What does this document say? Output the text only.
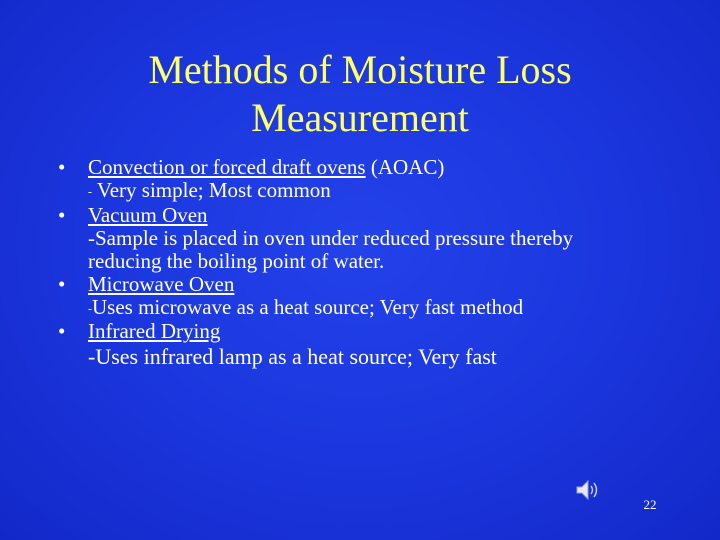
Methods of Moisture Loss
Measurement
•	Convection or forced draft ovens (AOAC)
- Very simple; Most common
•	Vacuum Oven
-Sample is placed in oven under reduced pressure thereby
reducing the boiling point of water.
•	Microwave Oven
-Uses microwave as a heat source; Very fast method
•	Infrared Drying
-Uses infrared lamp as a heat source; Very fast
22
